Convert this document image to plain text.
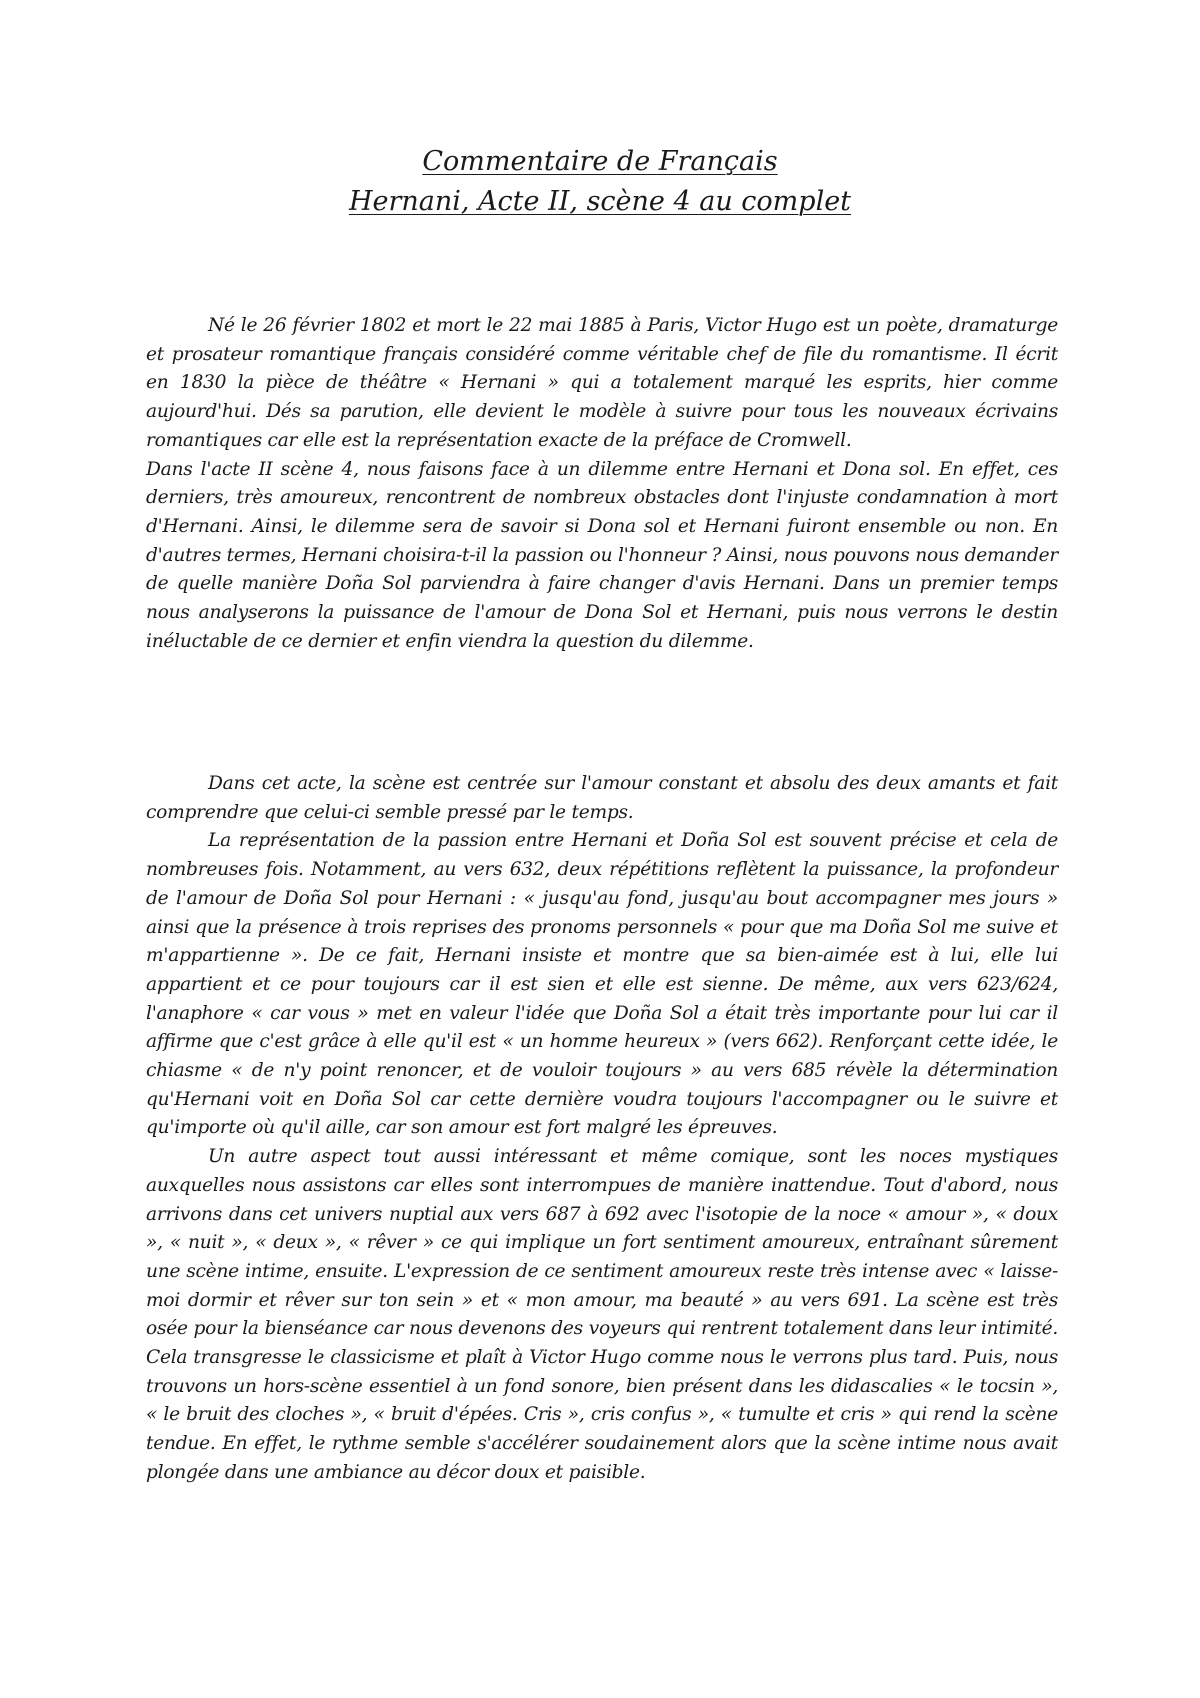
Commentaire de Français
Hernani, Acte II, scène 4 au complet

Né le 26 février 1802 et mort le 22 mai 1885 à Paris, Victor Hugo est un poète, dramaturge et prosateur romantique français considéré comme véritable chef de file du romantisme. Il écrit en 1830 la pièce de théâtre « Hernani » qui a totalement marqué les esprits, hier comme aujourd'hui. Dés sa parution, elle devient le modèle à suivre pour tous les nouveaux écrivains romantiques car elle est la représentation exacte de la préface de Cromwell.

Dans l'acte II scène 4, nous faisons face à un dilemme entre Hernani et Dona sol. En effet, ces derniers, très amoureux, rencontrent de nombreux obstacles dont l'injuste condamnation à mort d'Hernani. Ainsi, le dilemme sera de savoir si Dona sol et Hernani fuiront ensemble ou non. En d'autres termes, Hernani choisira-t-il la passion ou l'honneur ? Ainsi, nous pouvons nous demander de quelle manière Doña Sol parviendra à faire changer d'avis Hernani. Dans un premier temps nous analyserons la puissance de l'amour de Dona Sol et Hernani, puis nous verrons le destin inéluctable de ce dernier et enfin viendra la question du dilemme.

Dans cet acte, la scène est centrée sur l'amour constant et absolu des deux amants et fait comprendre que celui-ci semble pressé par le temps.

La représentation de la passion entre Hernani et Doña Sol est souvent précise et cela de nombreuses fois. Notamment, au vers 632, deux répétitions reflètent la puissance, la profondeur de l'amour de Doña Sol pour Hernani : « jusqu'au fond, jusqu'au bout accompagner mes jours » ainsi que la présence à trois reprises des pronoms personnels « pour que ma Doña Sol me suive et m'appartienne ». De ce fait, Hernani insiste et montre que sa bien-aimée est à lui, elle lui appartient et ce pour toujours car il est sien et elle est sienne. De même, aux vers 623/624, l'anaphore « car vous » met en valeur l'idée que Doña Sol a était très importante pour lui car il affirme que c'est grâce à elle qu'il est « un homme heureux » (vers 662). Renforçant cette idée, le chiasme « de n'y point renoncer, et de vouloir toujours » au vers 685 révèle la détermination qu'Hernani voit en Doña Sol car cette dernière voudra toujours l'accompagner ou le suivre et qu'importe où qu'il aille, car son amour est fort malgré les épreuves.

Un autre aspect tout aussi intéressant et même comique, sont les noces mystiques auxquelles nous assistons car elles sont interrompues de manière inattendue. Tout d'abord, nous arrivons dans cet univers nuptial aux vers 687 à 692 avec l'isotopie de la noce « amour », « doux », « nuit », « deux », « rêver » ce qui implique un fort sentiment amoureux, entraînant sûrement une scène intime, ensuite. L'expression de ce sentiment amoureux reste très intense avec « laisse-moi dormir et rêver sur ton sein » et « mon amour, ma beauté » au vers 691. La scène est très osée pour la bienséance car nous devenons des voyeurs qui rentrent totalement dans leur intimité. Cela transgresse le classicisme et plaît à Victor Hugo comme nous le verrons plus tard. Puis, nous trouvons un hors-scène essentiel à un fond sonore, bien présent dans les didascalies « le tocsin », « le bruit des cloches », « bruit d'épées. Cris », cris confus », « tumulte et cris » qui rend la scène tendue. En effet, le rythme semble s'accélérer soudainement alors que la scène intime nous avait plongée dans une ambiance au décor doux et paisible.
